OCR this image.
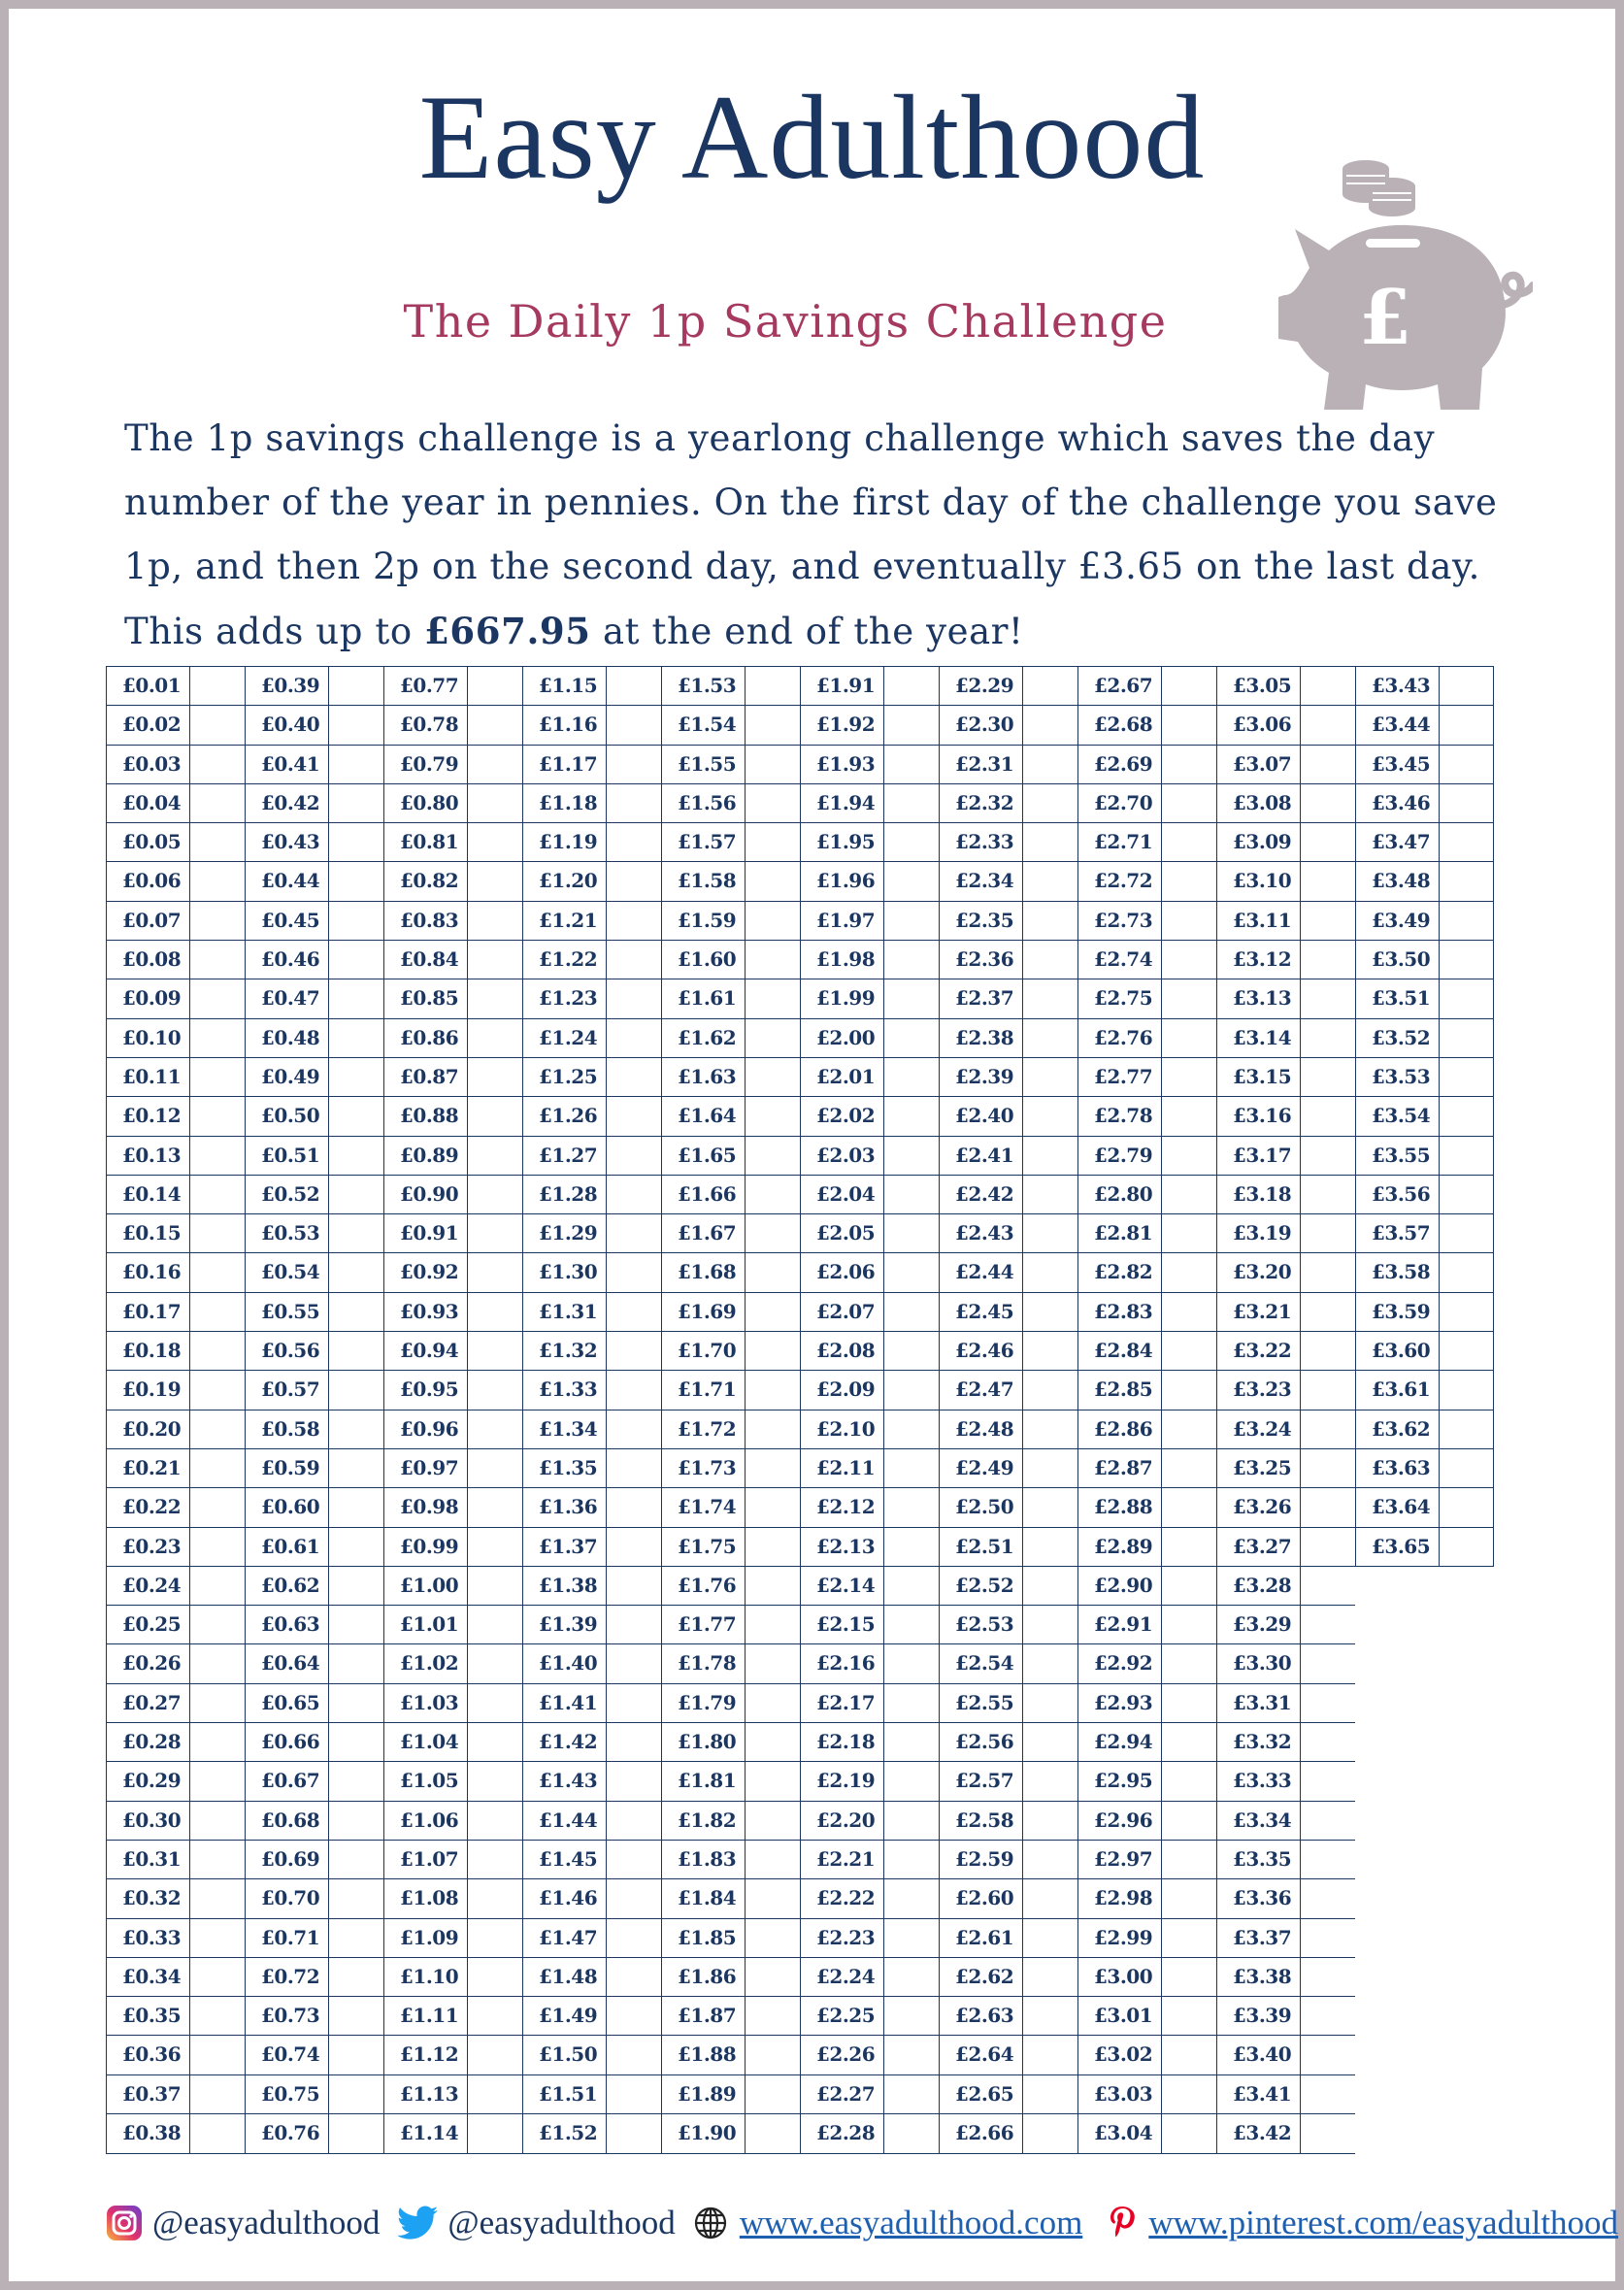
Easy Adulthood
The Daily 1p Savings Challenge	£
The 1p savings challenge is a yearlong challenge which saves the day number of the year in pennies. On the first day of the challenge you save 1p, and then 2p on the second day, and eventually £3.65 on the last day. This adds up to £667.95 at the end of the year!
£0.01
£0.02
£0.03
£0.04
£0.05
£0.06
£0.07
£0.08
£0.09
£0.10
£0.11
£0.12
£0.13
£0.14
£0.15
£0.16
£0.17
£0.18
£0.19
£0.20
£0.21
£0.22
£0.23
£0.24
£0.25
£0.26
£0.27
£0.28
£0.29
£0.30
£0.31
£0.32
£0.33
£0.34
£0.35
£0.36
£0.37
£0.38
£0.39
£0.40
£0.41
£0.42
£0.43
£0.44
£0.45
£0.46
£0.47
£0.48
£0.49
£0.50
£0.51
£0.52
£0.53
£0.54
£0.55
£0.56
£0.57
£0.58
£0.59
£0.60
£0.61
£0.62
£0.63
£0.64
£0.65
£0.66
£0.67
£0.68
£0.69
£0.70
£0.71
£0.72
£0.73
£0.74
£0.75
£0.76
£0.77
£0.78
£0.79
£0.80
£0.81
£0.82
£0.83
£0.84
£0.85
£0.86
£0.87
£0.88
£0.89
£0.90
£0.91
£0.92
£0.93
£0.94
£0.95
£0.96
£0.97
£0.98
£0.99
£1.00
£1.01
£1.02
£1.03
£1.04
£1.05
£1.06
£1.07
£1.08
£1.09
£1.10
£1.11
£1.12
£1.13
£1.14
£1.15
£1.16
£1.17
£1.18
£1.19
£1.20
£1.21
£1.22
£1.23
£1.24
£1.25
£1.26
£1.27
£1.28
£1.29
£1.30
£1.31
£1.32
£1.33
£1.34
£1.35
£1.36
£1.37
£1.38
£1.39
£1.40
£1.41
£1.42
£1.43
£1.44
£1.45
£1.46
£1.47
£1.48
£1.49
£1.50
£1.51
£1.52
£1.53
£1.54
£1.55
£1.56
£1.57
£1.58
£1.59
£1.60
£1.61
£1.62
£1.63
£1.64
£1.65
£1.66
£1.67
£1.68
£1.69
£1.70
£1.71
£1.72
£1.73
£1.74
£1.75
£1.76
£1.77
£1.78
£1.79
£1.80
£1.81
£1.82
£1.83
£1.84
£1.85
£1.86
£1.87
£1.88
£1.89
£1.90
£1.91
£1.92
£1.93
£1.94
£1.95
£1.96
£1.97
£1.98
£1.99
£2.00
£2.01
£2.02
£2.03
£2.04
£2.05
£2.06
£2.07
£2.08
£2.09
£2.10
£2.11
£2.12
£2.13
£2.14
£2.15
£2.16
£2.17
£2.18
£2.19
£2.20
£2.21
£2.22
£2.23
£2.24
£2.25
£2.26
£2.27
£2.28
£2.29
£2.30
£2.31
£2.32
£2.33
£2.34
£2.35
£2.36
£2.37
£2.38
£2.39
£2.40
£2.41
£2.42
£2.43
£2.44
£2.45
£2.46
£2.47
£2.48
£2.49
£2.50
£2.51
£2.52
£2.53
£2.54
£2.55
£2.56
£2.57
£2.58
£2.59
£2.60
£2.61
£2.62
£2.63
£2.64
£2.65
£2.66
£2.67
£2.68
£2.69
£2.70
£2.71
£2.72
£2.73
£2.74
£2.75
£2.76
£2.77
£2.78
£2.79
£2.80
£2.81
£2.82
£2.83
£2.84
£2.85
£2.86
£2.87
£2.88
£2.89
£2.90
£2.91
£2.92
£2.93
£2.94
£2.95
£2.96
£2.97
£2.98
£2.99
£3.00
£3.01
£3.02
£3.03
£3.04
£3.05
£3.06
£3.07
£3.08
£3.09
£3.10
£3.11
£3.12
£3.13
£3.14
£3.15
£3.16
£3.17
£3.18
£3.19
£3.20
£3.21
£3.22
£3.23
£3.24
£3.25
£3.26
£3.27
£3.28
£3.29
£3.30
£3.31
£3.32
£3.33
£3.34
£3.35
£3.36
£3.37
£3.38
£3.39
£3.40
£3.41
£3.42
£3.43
£3.44
£3.45
£3.46
£3.47
£3.48
£3.49
£3.50
£3.51
£3.52
£3.53
£3.54
£3.55
£3.56
£3.57
£3.58
£3.59
£3.60
£3.61
£3.62
£3.63
£3.64
£3.65
@easyadulthood @easyadulthood www.easyadulthood.com www.pinterest.com/easyadulthood
